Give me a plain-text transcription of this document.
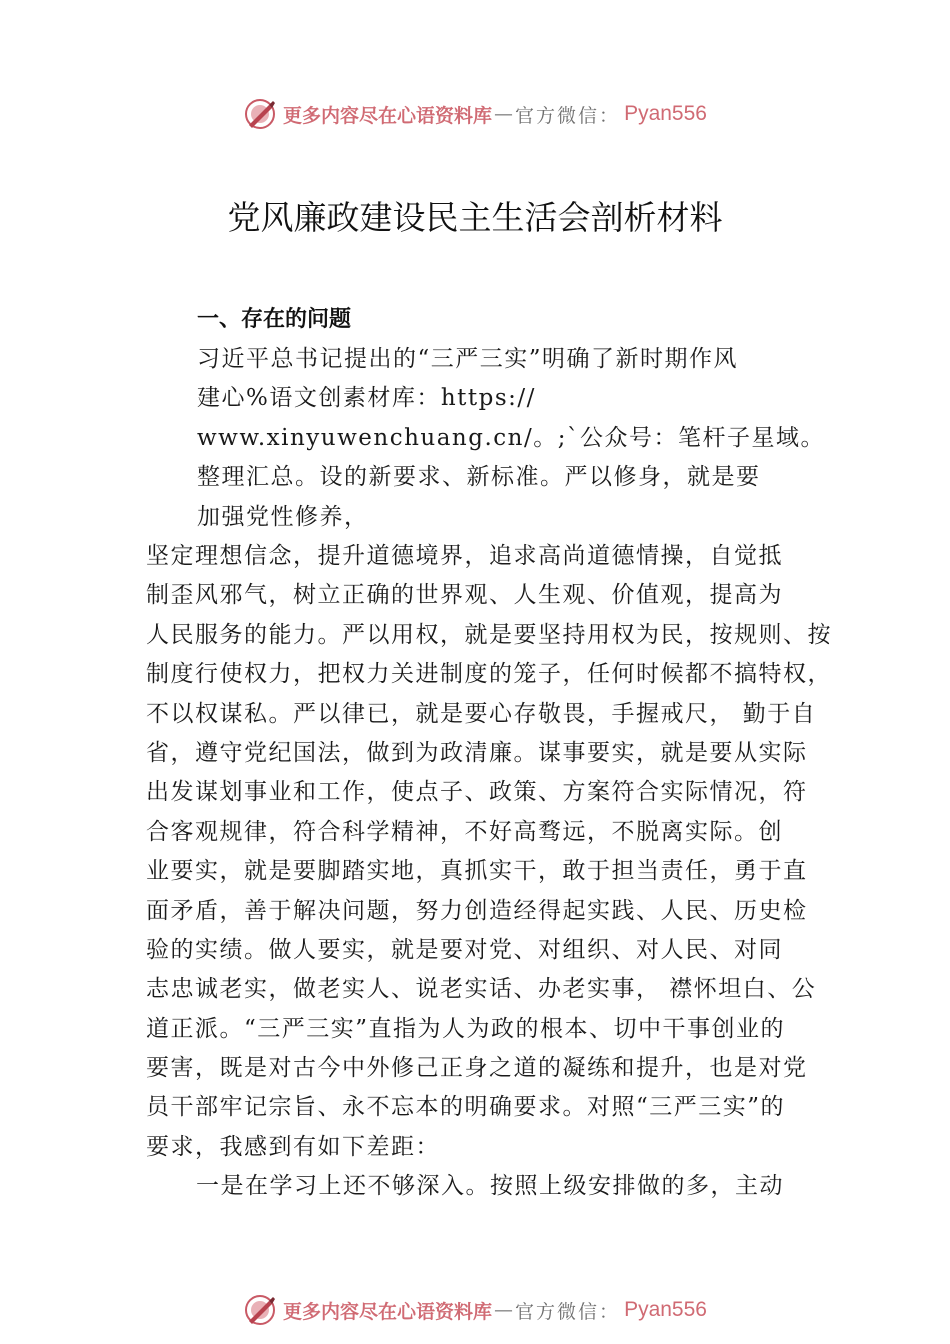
更多内容尽在心语资料库 — 官方微信： Pyan556
党风廉政建设民主生活会剖析材料
一、存在的问题
习近平总书记提出的“三严三实”明确了新时期作风
建心%语文创素材库：https://
www.xinyuwenchuang.cn/。;`公众号：笔杆子星域。
整理汇总。设的新要求、新标准。严以修身，就是要
加强党性修养，
坚定理想信念，提升道德境界，追求高尚道德情操，自觉抵
制歪风邪气，树立正确的世界观、人生观、价值观，提高为
人民服务的能力。严以用权，就是要坚持用权为民，按规则、按
制度行使权力，把权力关进制度的笼子，任何时候都不搞特权，
不以权谋私。严以律已，就是要心存敬畏，手握戒尺， 勤于自
省，遵守党纪国法，做到为政清廉。谋事要实，就是要从实际
出发谋划事业和工作，使点子、政策、方案符合实际情况，符
合客观规律，符合科学精神，不好高骛远，不脱离实际。创
业要实，就是要脚踏实地，真抓实干，敢于担当责任，勇于直
面矛盾，善于解决问题，努力创造经得起实践、人民、历史检
验的实绩。做人要实，就是要对党、对组织、对人民、对同
志忠诚老实，做老实人、说老实话、办老实事， 襟怀坦白、公
道正派。“三严三实”直指为人为政的根本、切中干事创业的
要害，既是对古今中外修己正身之道的凝练和提升，也是对党
员干部牢记宗旨、永不忘本的明确要求。对照“三严三实”的
要求，我感到有如下差距：
一是在学习上还不够深入。按照上级安排做的多，主动
更多内容尽在心语资料库 — 官方微信： Pyan556
